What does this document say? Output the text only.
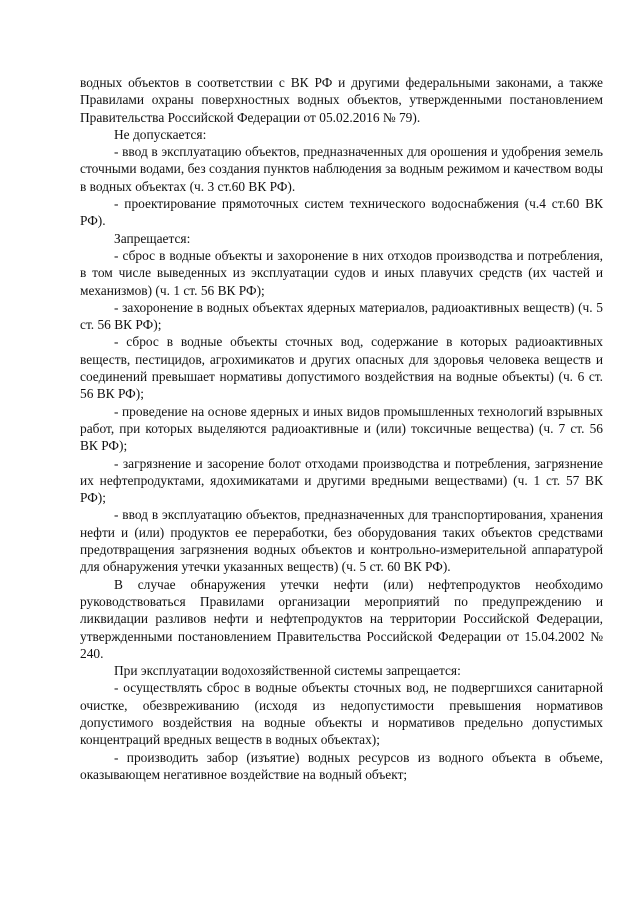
водных объектов в соответствии с ВК РФ и другими федеральными законами, а также Правилами охраны поверхностных водных объектов, утвержденными постановлением Правительства Российской Федерации от 05.02.2016 № 79).

Не допускается:

- ввод в эксплуатацию объектов, предназначенных для орошения и удобрения земель сточными водами, без создания пунктов наблюдения за водным режимом и качеством воды в водных объектах (ч. 3 ст.60 ВК РФ).

- проектирование прямоточных систем технического водоснабжения (ч.4 ст.60 ВК РФ).

Запрещается:

- сброс в водные объекты и захоронение в них отходов производства и потребления, в том числе выведенных из эксплуатации судов и иных плавучих средств (их частей и механизмов) (ч. 1 ст. 56 ВК РФ);

- захоронение в водных объектах ядерных материалов, радиоактивных веществ) (ч. 5 ст. 56 ВК РФ);

- сброс в водные объекты сточных вод, содержание в которых радиоактивных веществ, пестицидов, агрохимикатов и других опасных для здоровья человека веществ и соединений превышает нормативы допустимого воздействия на водные объекты) (ч. 6 ст. 56 ВК РФ);

- проведение на основе ядерных и иных видов промышленных технологий взрывных работ, при которых выделяются радиоактивные и (или) токсичные вещества) (ч. 7 ст. 56 ВК РФ);

- загрязнение и засорение болот отходами производства и потребления, загрязнение их нефтепродуктами, ядохимикатами и другими вредными веществами) (ч. 1 ст. 57 ВК РФ);

- ввод в эксплуатацию объектов, предназначенных для транспортирования, хранения нефти и (или) продуктов ее переработки, без оборудования таких объектов средствами предотвращения загрязнения водных объектов и контрольно-измерительной аппаратурой для обнаружения утечки указанных веществ) (ч. 5 ст. 60 ВК РФ).

В случае обнаружения утечки нефти (или) нефтепродуктов необходимо руководствоваться Правилами организации мероприятий по предупреждению и ликвидации разливов нефти и нефтепродуктов на территории Российской Федерации, утвержденными постановлением Правительства Российской Федерации от 15.04.2002 № 240.

При эксплуатации водохозяйственной системы запрещается:

- осуществлять сброс в водные объекты сточных вод, не подвергшихся санитарной очистке, обезвреживанию (исходя из недопустимости превышения нормативов допустимого воздействия на водные объекты и нормативов предельно допустимых концентраций вредных веществ в водных объектах);

- производить забор (изъятие) водных ресурсов из водного объекта в объеме, оказывающем негативное воздействие на водный объект;
